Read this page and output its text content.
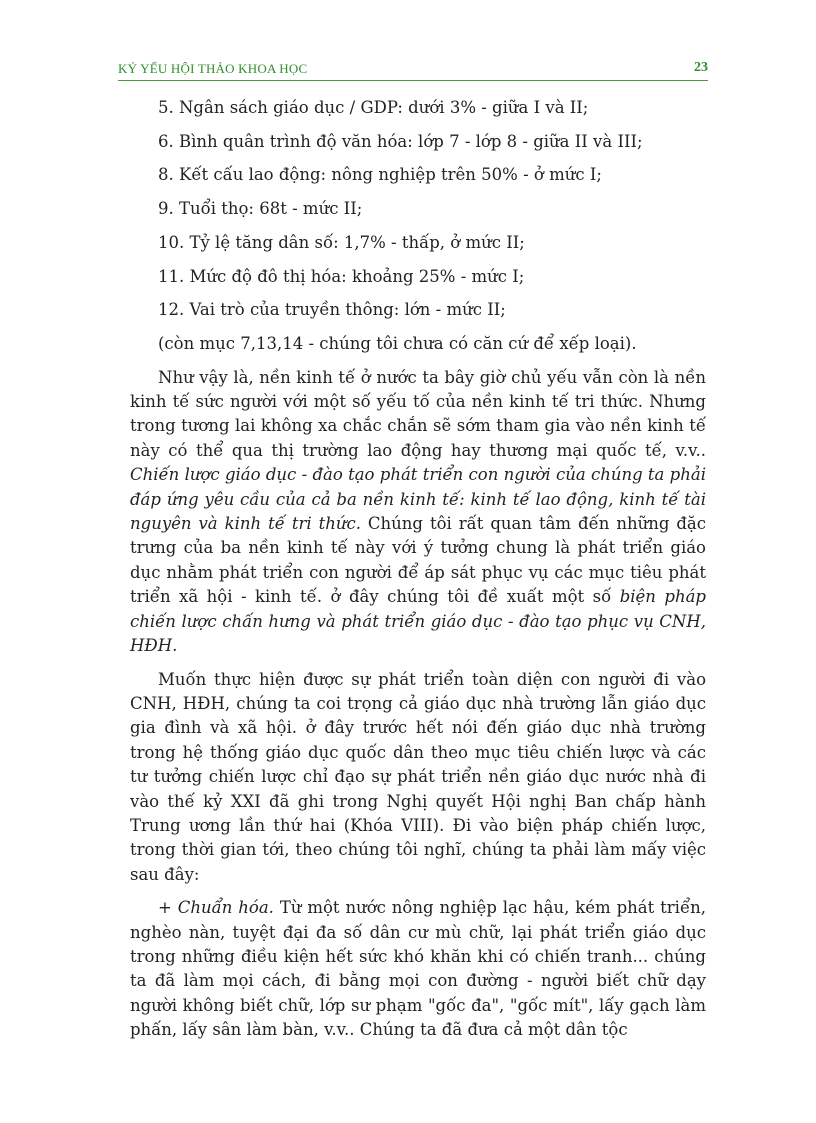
KỶ YẾU HỘI THẢO KHOA HỌC	23
5. Ngân sách giáo dục / GDP: dưới 3% - giữa I và II;
6. Bình quân trình độ văn hóa: lớp 7 - lớp 8 - giữa II và III;
8. Kết cấu lao động: nông nghiệp trên 50% - ở mức I;
9. Tuổi thọ: 68t - mức II;
10. Tỷ lệ tăng dân số: 1,7% - thấp, ở mức II;
11. Mức độ đô thị hóa: khoảng 25% - mức I;
12. Vai trò của truyền thông: lớn - mức II;
(còn mục 7,13,14 - chúng tôi chưa có căn cứ để xếp loại).

Như vậy là, nền kinh tế ở nước ta bây giờ chủ yếu vẫn còn là nền kinh tế sức người với một số yếu tố của nền kinh tế tri thức. Nhưng trong tương lai không xa chắc chắn sẽ sớm tham gia vào nền kinh tế này có thể qua thị trường lao động hay thương mại quốc tế, v.v.. Chiến lược giáo dục - đào tạo phát triển con người của chúng ta phải đáp ứng yêu cầu của cả ba nền kinh tế: kinh tế lao động, kinh tế tài nguyên và kinh tế tri thức. Chúng tôi rất quan tâm đến những đặc trưng của ba nền kinh tế này với ý tưởng chung là phát triển giáo dục nhằm phát triển con người để áp sát phục vụ các mục tiêu phát triển xã hội - kinh tế. ở đây chúng tôi đề xuất một số biện pháp chiến lược chấn hưng và phát triển giáo dục - đào tạo phục vụ CNH, HĐH.

Muốn thực hiện được sự phát triển toàn diện con người đi vào CNH, HĐH, chúng ta coi trọng cả giáo dục nhà trường lẫn giáo dục gia đình và xã hội. ở đây trước hết nói đến giáo dục nhà trường trong hệ thống giáo dục quốc dân theo mục tiêu chiến lược và các tư tưởng chiến lược chỉ đạo sự phát triển nền giáo dục nước nhà đi vào thế kỷ XXI đã ghi trong Nghị quyết Hội nghị Ban chấp hành Trung ương lần thứ hai (Khóa VIII). Đi vào biện pháp chiến lược, trong thời gian tới, theo chúng tôi nghĩ, chúng ta phải làm mấy việc sau đây:

+ Chuẩn hóa. Từ một nước nông nghiệp lạc hậu, kém phát triển, nghèo nàn, tuyệt đại đa số dân cư mù chữ, lại phát triển giáo dục trong những điều kiện hết sức khó khăn khi có chiến tranh... chúng ta đã làm mọi cách, đi bằng mọi con đường - người biết chữ dạy người không biết chữ, lớp sư phạm "gốc đa", "gốc mít", lấy gạch làm phấn, lấy sân làm bàn, v.v.. Chúng ta đã đưa cả một dân tộc
